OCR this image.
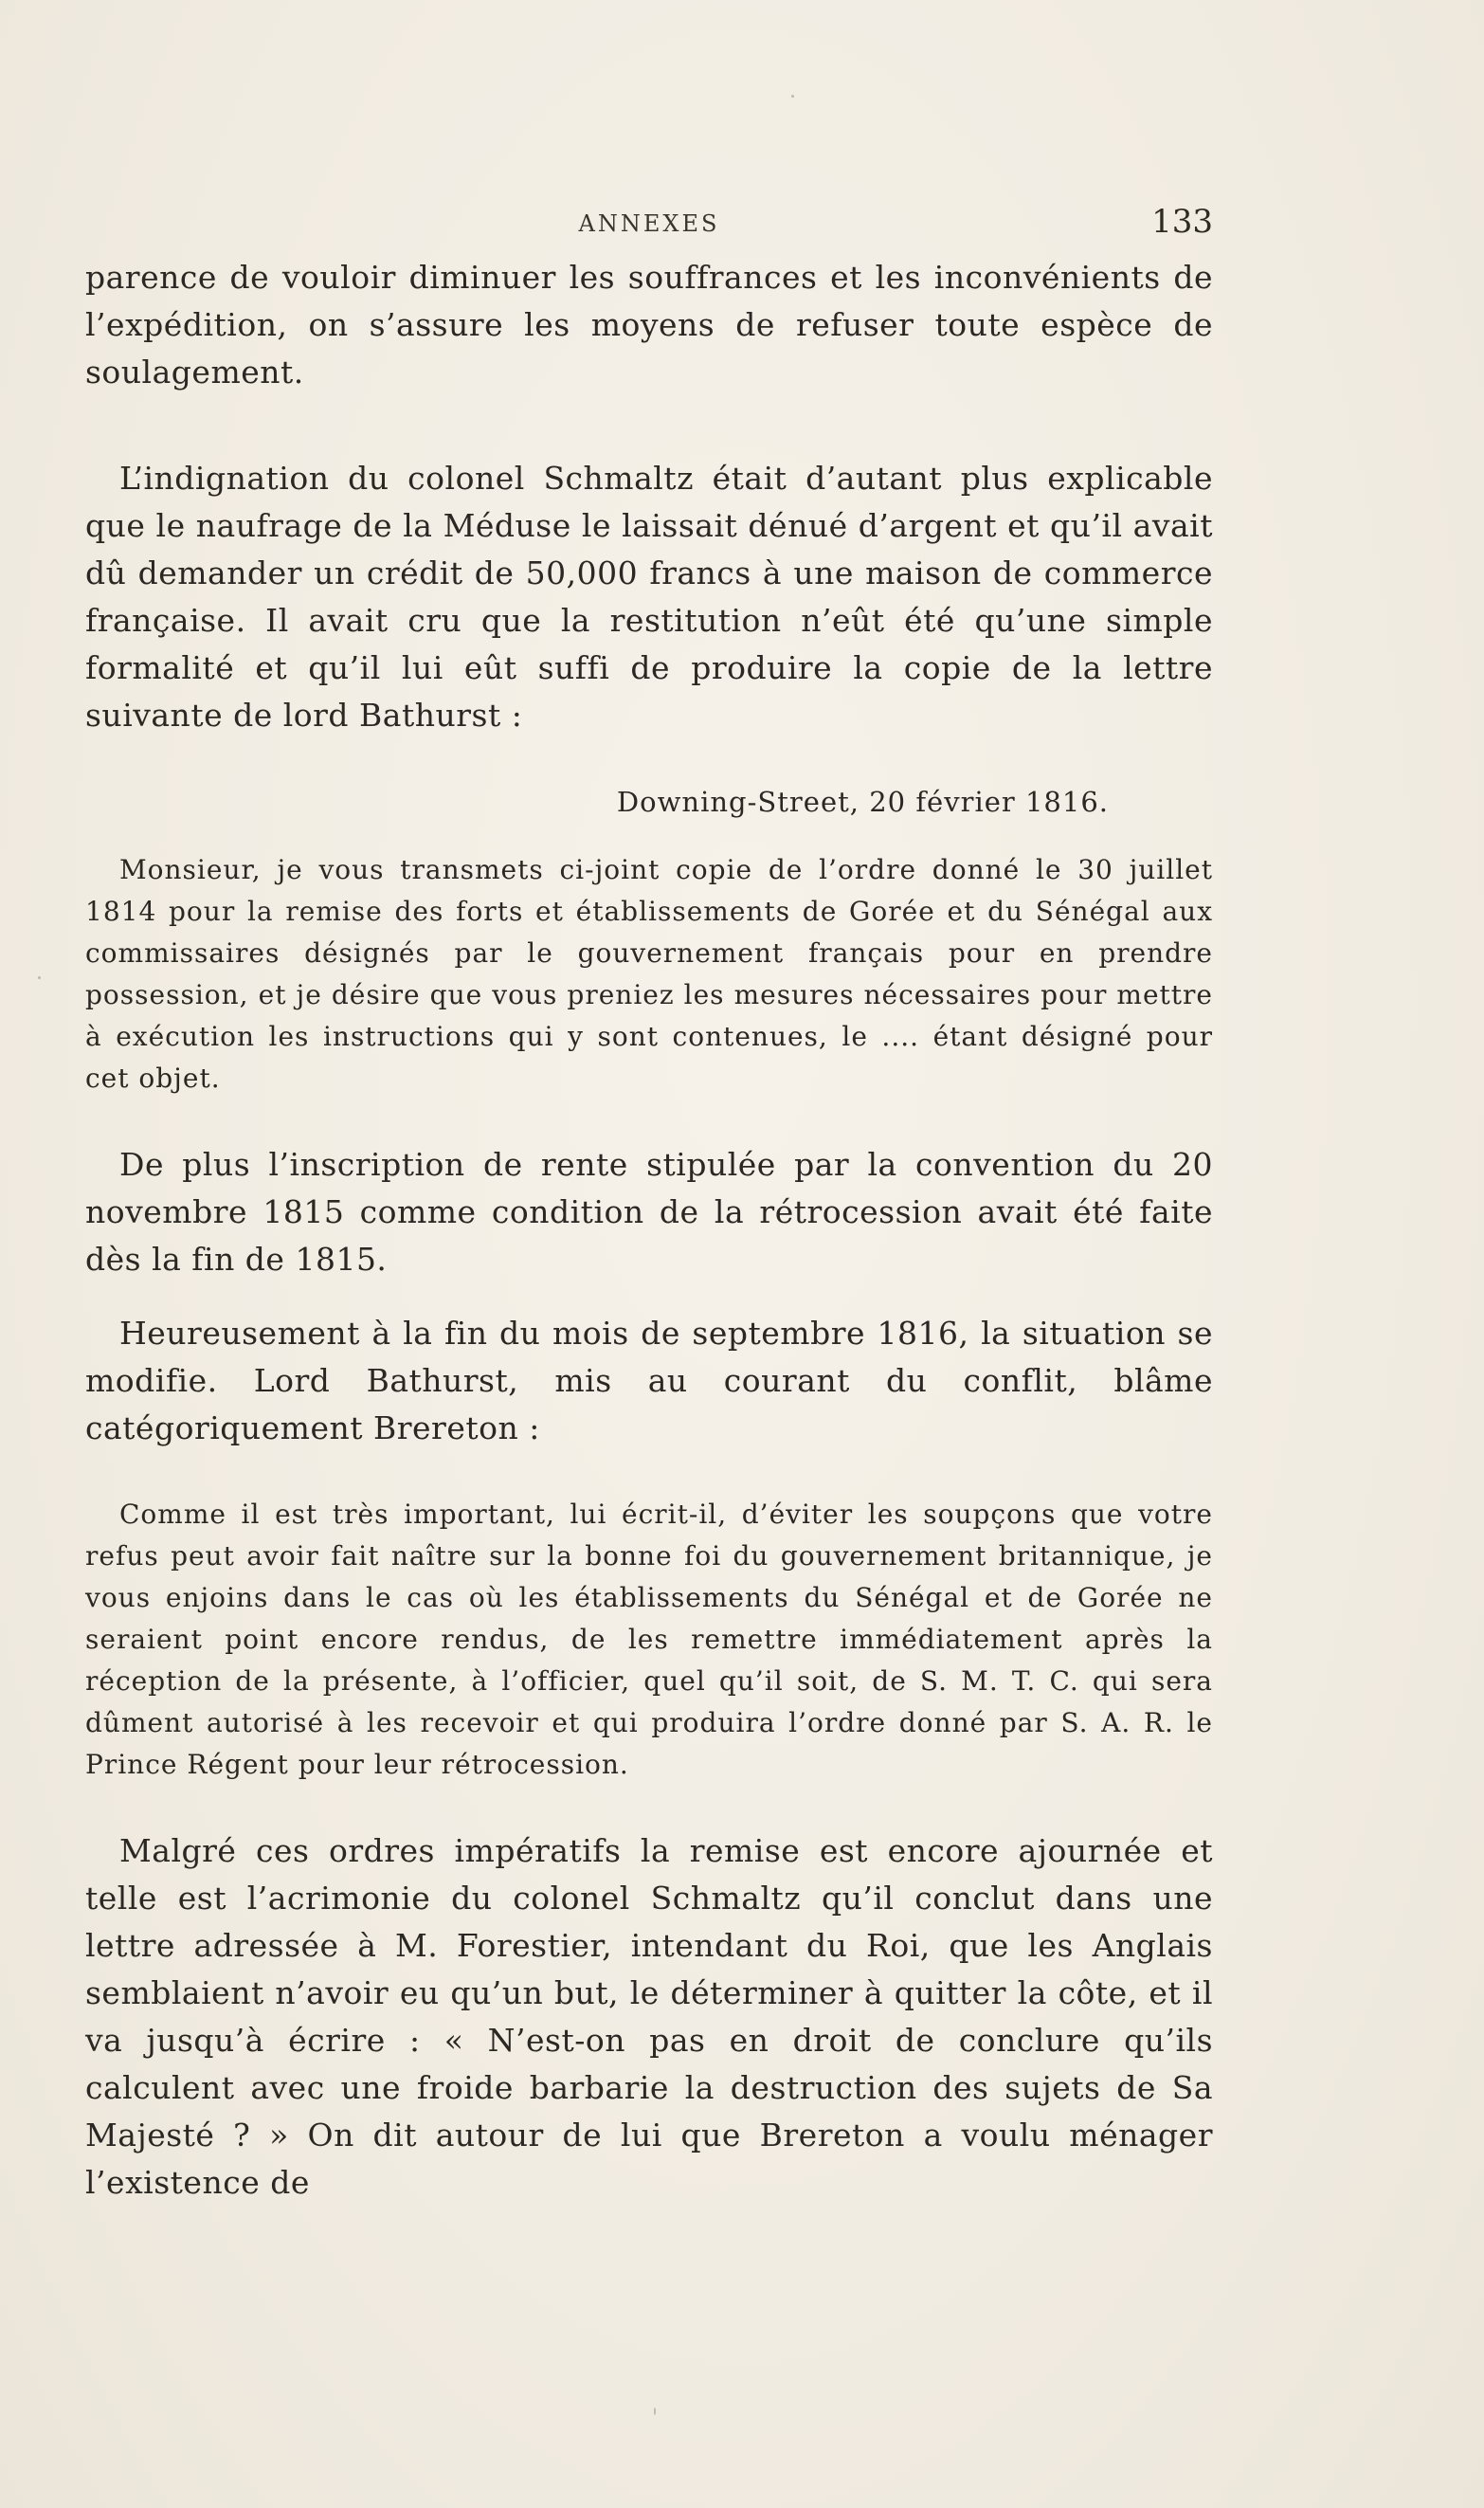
ANNEXES	133

parence de vouloir diminuer les souffrances et les inconvénients de l’expédition, on s’assure les moyens de refuser toute espèce de soulagement.

L’indignation du colonel Schmaltz était d’autant plus explicable que le naufrage de la Méduse le laissait dénué d’argent et qu’il avait dû demander un crédit de 50,000 francs à une maison de commerce française. Il avait cru que la restitution n’eût été qu’une simple formalité et qu’il lui eût suffi de produire la copie de la lettre suivante de lord Bathurst :

Downing-Street, 20 février 1816.

Monsieur, je vous transmets ci-joint copie de l’ordre donné le 30 juillet 1814 pour la remise des forts et établissements de Gorée et du Sénégal aux commissaires désignés par le gouvernement français pour en prendre possession, et je désire que vous preniez les mesures nécessaires pour mettre à exécution les instructions qui y sont contenues, le .... étant désigné pour cet objet.

De plus l’inscription de rente stipulée par la convention du 20 novembre 1815 comme condition de la rétrocession avait été faite dès la fin de 1815.

Heureusement à la fin du mois de septembre 1816, la situation se modifie. Lord Bathurst, mis au courant du conflit, blâme catégoriquement Brereton :

Comme il est très important, lui écrit-il, d’éviter les soupçons que votre refus peut avoir fait naître sur la bonne foi du gouvernement britannique, je vous enjoins dans le cas où les établissements du Sénégal et de Gorée ne seraient point encore rendus, de les remettre immédiatement après la réception de la présente, à l’officier, quel qu’il soit, de S. M. T. C. qui sera dûment autorisé à les recevoir et qui produira l’ordre donné par S. A. R. le Prince Régent pour leur rétrocession.

Malgré ces ordres impératifs la remise est encore ajournée et telle est l’acrimonie du colonel Schmaltz qu’il conclut dans une lettre adressée à M. Forestier, intendant du Roi, que les Anglais semblaient n’avoir eu qu’un but, le déterminer à quitter la côte, et il va jusqu’à écrire : « N’est-on pas en droit de conclure qu’ils calculent avec une froide barbarie la destruction des sujets de Sa Majesté ? » On dit autour de lui que Brereton a voulu ménager l’existence de
